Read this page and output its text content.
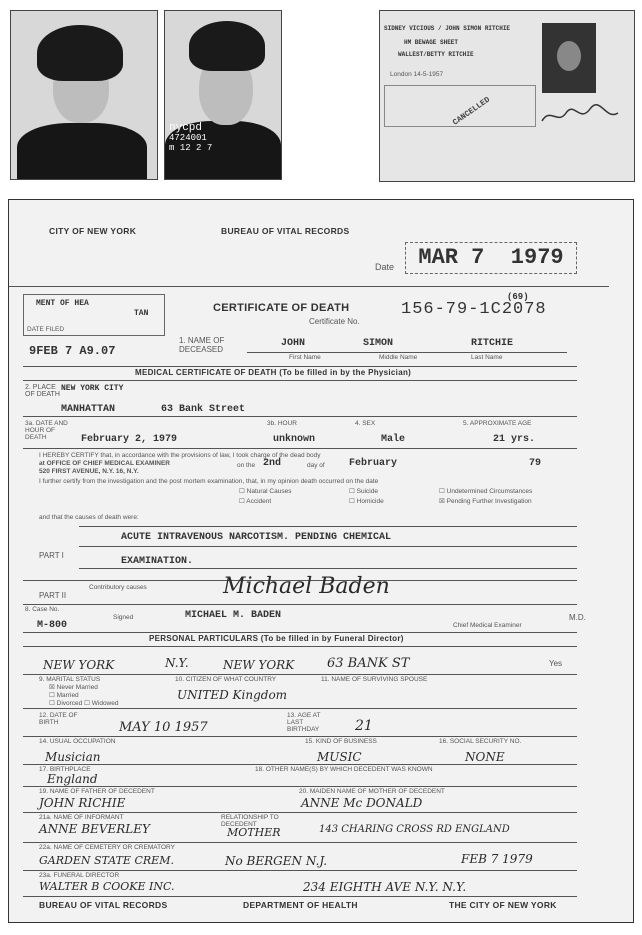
nycpd
4724001
m 12 2 7
SIDNEY VICIOUS / JOHN SIMON RITCHIE
HM BEWAGE SHEET
WALLEST/BETTY RITCHIE
London 14-5-1957
CANCELLED
CITY OF NEW YORK	BUREAU OF VITAL RECORDS
Date	MAR 7  1979
MENT OF HEA
TAN
DATE FILED
9FEB 7 A9.07
CERTIFICATE OF DEATH
Certificate No.
156-79-1C2078
(69)
1. NAME OF DECEASED
JOHN	SIMON	RITCHIE
First Name	Middle Name	Last Name
MEDICAL CERTIFICATE OF DEATH (To be filled in by the Physician)
2. PLACE OF DEATH
NEW YORK CITY
MANHATTAN	63 Bank Street
3a. DATE AND HOUR OF DEATH	February 2, 1979
3b. HOUR
unknown
4. SEX
Male
5. APPROXIMATE AGE
21 yrs.
I HEREBY CERTIFY that, in accordance with the provisions of law, I took charge of the dead body
at OFFICE OF CHIEF MEDICAL EXAMINER
520 FIRST AVENUE, N.Y. 16, N.Y.
on the 2nd	day of February	79
I further certify from the investigation and the post mortem examination, that, in my opinion death occurred on the date
☐ Natural Causes
☐ Accident
☐ Suicide
☐ Homicide
☐ Undetermined Circumstances
☒ Pending Further Investigation
and that the causes of death were:
PART I
ACUTE INTRAVENOUS NARCOTISM. PENDING CHEMICAL
EXAMINATION.
Contributory causes
PART II	Michael Baden
8. Case No.
M-800
Signed	MICHAEL M. BADEN
Chief Medical Examiner
M.D.
PERSONAL PARTICULARS (To be filled in by Funeral Director)
NEW YORK	N.Y.	NEW YORK	63 BANK ST	Yes
9. MARITAL STATUS
☒ Never Married
☐ Married
☐ Divorced ☐ Widowed
10. CITIZEN OF WHAT COUNTRY
UNITED Kingdom
11. NAME OF SURVIVING SPOUSE
12. DATE OF BIRTH	MAY 10 1957
13. AGE AT LAST BIRTHDAY	21
14. USUAL OCCUPATION
Musician
15. KIND OF BUSINESS
MUSIC
16. SOCIAL SECURITY NO.
NONE
17. BIRTHPLACE
England
18. OTHER NAME(S) BY WHICH DECEDENT WAS KNOWN
19. NAME OF FATHER OF DECEDENT
JOHN RICHIE
20. MAIDEN NAME OF MOTHER OF DECEDENT
ANNE Mc DONALD
21a. NAME OF INFORMANT
ANNE BEVERLEY
RELATIONSHIP TO DECEDENT
MOTHER	143 CHARING CROSS RD ENGLAND
22a. NAME OF CEMETERY OR CREMATORY
GARDEN STATE CREM.	No BERGEN N.J.	FEB 7 1979
23a. FUNERAL DIRECTOR
WALTER B COOKE INC.	234 EIGHTH AVE N.Y. N.Y.
BUREAU OF VITAL RECORDS	DEPARTMENT OF HEALTH	THE CITY OF NEW YORK
